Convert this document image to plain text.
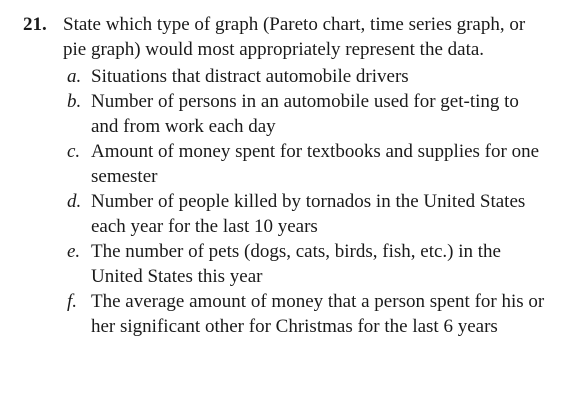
21. State which type of graph (Pareto chart, time series graph, or pie graph) would most appropriately represent the data.
a. Situations that distract automobile drivers
b. Number of persons in an automobile used for get-ting to and from work each day
c. Amount of money spent for textbooks and supplies for one semester
d. Number of people killed by tornados in the United States each year for the last 10 years
e. The number of pets (dogs, cats, birds, fish, etc.) in the United States this year
f. The average amount of money that a person spent for his or her significant other for Christmas for the last 6 years
